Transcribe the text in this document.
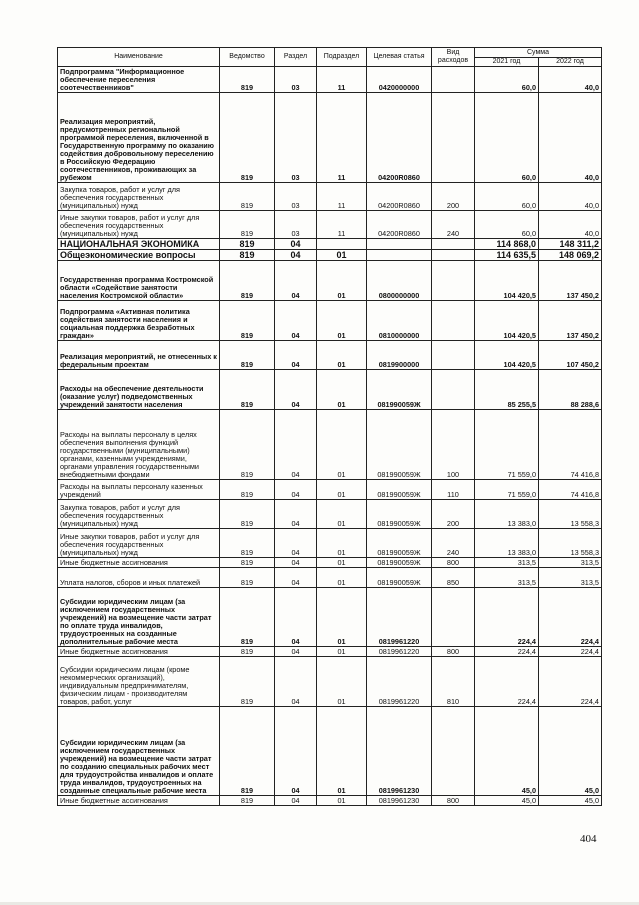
Наименование	Ведомство	Раздел	Подраздел	Целевая статья	Вид расходов	Сумма	
						2021 год	2022 год
Подпрограмма "Информационное обеспечение переселения соотечественников"	819	03	11	0420000000		60,0	40,0
Реализация мероприятий, предусмотренных региональной программой переселения, включенной в Государственную программу по оказанию содействия добровольному переселению в Российскую Федерацию соотечественников, проживающих за рубежом	819	03	11	04200R0860		60,0	40,0
Закупка товаров, работ и услуг для обеспечения государственных (муниципальных) нужд	819	03	11	04200R0860	200	60,0	40,0
Иные закупки товаров, работ и услуг для обеспечения государственных (муниципальных) нужд	819	03	11	04200R0860	240	60,0	40,0
НАЦИОНАЛЬНАЯ ЭКОНОМИКА	819	04				114 868,0	148 311,2
Общеэкономические вопросы	819	04	01			114 635,5	148 069,2
Государственная программа Костромской области «Содействие занятости населения Костромской области»	819	04	01	0800000000		104 420,5	137 450,2
Подпрограмма «Активная политика содействия занятости населения и социальная поддержка безработных граждан»	819	04	01	0810000000		104 420,5	137 450,2
Реализация мероприятий, не отнесенных к федеральным проектам	819	04	01	0819900000		104 420,5	107 450,2
Расходы на обеспечение деятельности (оказание услуг) подведомственных учреждений занятости населения	819	04	01	081990059Ж		85 255,5	88 288,6
Расходы на выплаты персоналу в целях обеспечения выполнения функций государственными (муниципальными) органами, казенными учреждениями, органами управления государственными внебюджетными фондами	819	04	01	081990059Ж	100	71 559,0	74 416,8
Расходы на выплаты персоналу казенных учреждений	819	04	01	081990059Ж	110	71 559,0	74 416,8
Закупка товаров, работ и услуг для обеспечения государственных (муниципальных) нужд	819	04	01	081990059Ж	200	13 383,0	13 558,3
Иные закупки товаров, работ и услуг для обеспечения государственных (муниципальных) нужд	819	04	01	081990059Ж	240	13 383,0	13 558,3
Иные бюджетные ассигнования	819	04	01	081990059Ж	800	313,5	313,5
Уплата налогов, сборов и иных платежей	819	04	01	081990059Ж	850	313,5	313,5
Субсидии юридическим лицам (за исключением государственных учреждений) на возмещение части затрат по оплате труда инвалидов, трудоустроенных на созданные дополнительные рабочие места	819	04	01	0819961220		224,4	224,4
Иные бюджетные ассигнования	819	04	01	0819961220	800	224,4	224,4
Субсидии юридическим лицам (кроме некоммерческих организаций), индивидуальным предпринимателям, физическим лицам - производителям товаров, работ, услуг	819	04	01	0819961220	810	224,4	224,4
Субсидии юридическим лицам (за исключением государственных учреждений) на возмещение части затрат по созданию специальных рабочих мест для трудоустройства инвалидов и оплате труда инвалидов, трудоустроенных на созданные специальные рабочие места	819	04	01	0819961230		45,0	45,0
Иные бюджетные ассигнования	819	04	01	0819961230	800	45,0	45,0
404
